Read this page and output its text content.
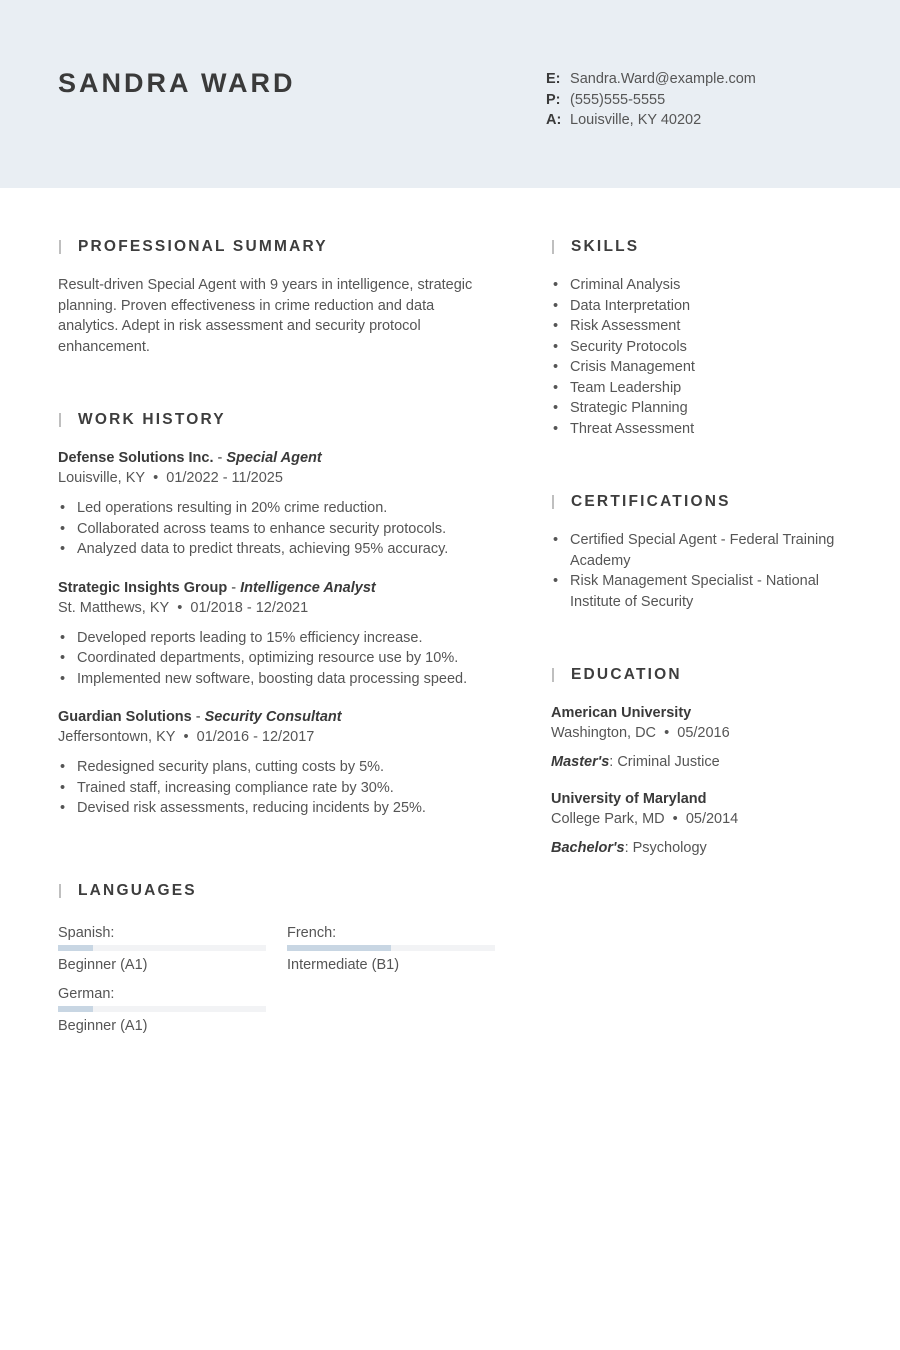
SANDRA WARD	E: Sandra.Ward@example.com
P: (555)555-5555
A: Louisville, KY 40202
PROFESSIONAL SUMMARY
Result-driven Special Agent with 9 years in intelligence, strategic planning. Proven effectiveness in crime reduction and data analytics. Adept in risk assessment and security protocol enhancement.
WORK HISTORY
Defense Solutions Inc. - Special Agent
Louisville, KY  •  01/2022 - 11/2025
• Led operations resulting in 20% crime reduction.
• Collaborated across teams to enhance security protocols.
• Analyzed data to predict threats, achieving 95% accuracy.
Strategic Insights Group - Intelligence Analyst
St. Matthews, KY  •  01/2018 - 12/2021
• Developed reports leading to 15% efficiency increase.
• Coordinated departments, optimizing resource use by 10%.
• Implemented new software, boosting data processing speed.
Guardian Solutions - Security Consultant
Jeffersontown, KY  •  01/2016 - 12/2017
• Redesigned security plans, cutting costs by 5%.
• Trained staff, increasing compliance rate by 30%.
• Devised risk assessments, reducing incidents by 25%.
LANGUAGES
Spanish:
Beginner (A1)
French:
Intermediate (B1)
German:
Beginner (A1)
SKILLS
• Criminal Analysis
• Data Interpretation
• Risk Assessment
• Security Protocols
• Crisis Management
• Team Leadership
• Strategic Planning
• Threat Assessment
CERTIFICATIONS
• Certified Special Agent - Federal Training Academy
• Risk Management Specialist - National Institute of Security
EDUCATION
American University
Washington, DC  •  05/2016
Master's: Criminal Justice
University of Maryland
College Park, MD  •  05/2014
Bachelor's: Psychology
